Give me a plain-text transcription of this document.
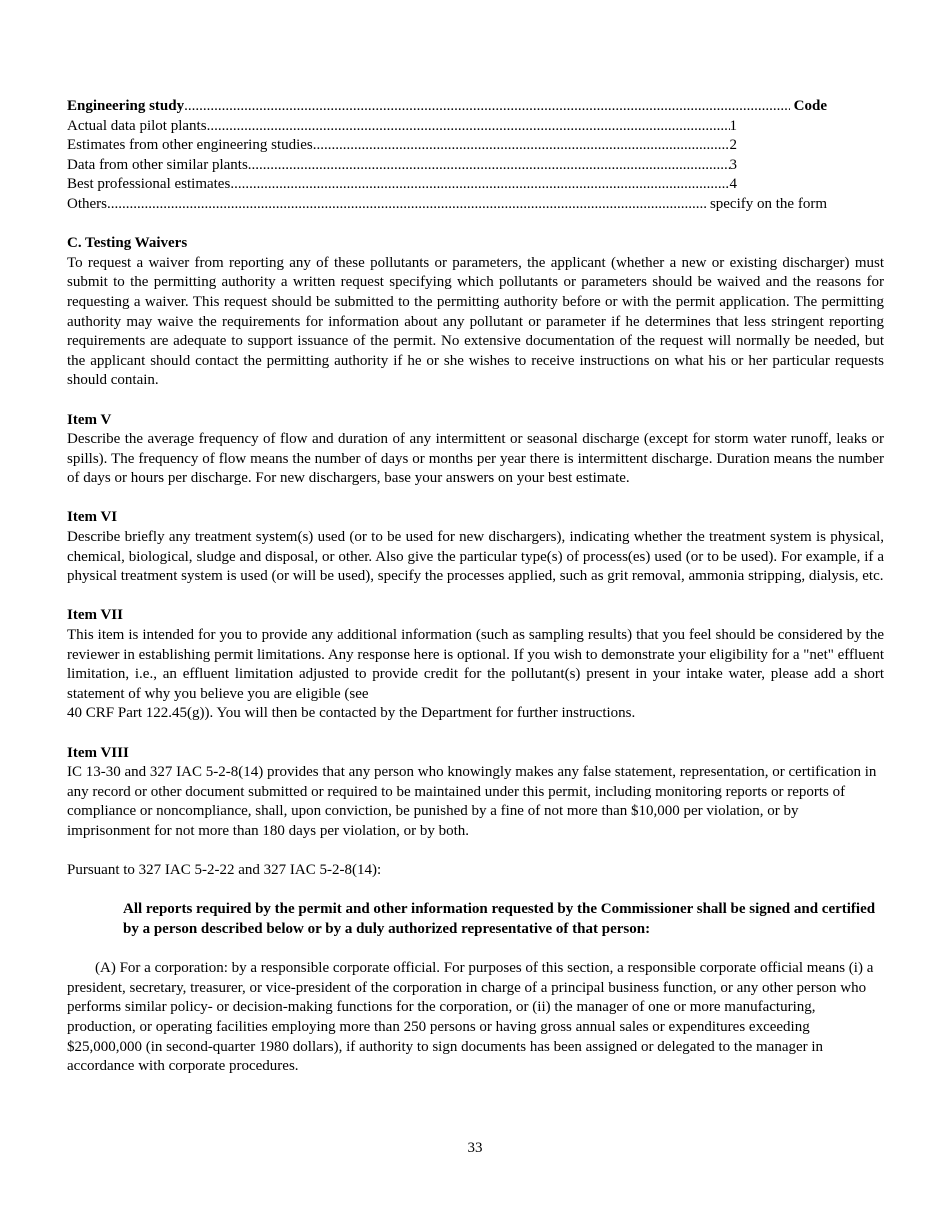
Engineering study .....	Code
Actual data pilot plants .....	1
Estimates from other engineering studies .....	2
Data from other similar plants .....	3
Best professional estimates .....	4
Others .....	specify on the form
C. Testing Waivers

To request a waiver from reporting any of these pollutants or parameters, the applicant (whether a new or existing discharger) must submit to the permitting authority a written request specifying which pollutants or parameters should be waived and the reasons for requesting a waiver. This request should be submitted to the permitting authority before or with the permit application. The permitting authority may waive the requirements for information about any pollutant or parameter if he determines that less stringent reporting requirements are adequate to support issuance of the permit. No extensive documentation of the request will normally be needed, but the applicant should contact the permitting authority if he or she wishes to receive instructions on what his or her particular requests should contain.

Item V

Describe the average frequency of flow and duration of any intermittent or seasonal discharge (except for storm water runoff, leaks or spills). The frequency of flow means the number of days or months per year there is intermittent discharge. Duration means the number of days or hours per discharge. For new dischargers, base your answers on your best estimate.

Item VI

Describe briefly any treatment system(s) used (or to be used for new dischargers), indicating whether the treatment system is physical, chemical, biological, sludge and disposal, or other. Also give the particular type(s) of process(es) used (or to be used). For example, if a physical treatment system is used (or will be used), specify the processes applied, such as grit removal, ammonia stripping, dialysis, etc.

Item VII

This item is intended for you to provide any additional information (such as sampling results) that you feel should be considered by the reviewer in establishing permit limitations. Any response here is optional. If you wish to demonstrate your eligibility for a "net" effluent limitation, i.e., an effluent limitation adjusted to provide credit for the pollutant(s) present in your intake water, please add a short statement of why you believe you are eligible (see

40 CRF Part 122.45(g)). You will then be contacted by the Department for further instructions.

Item VIII

IC 13-30 and 327 IAC 5-2-8(14) provides that any person who knowingly makes any false statement, representation, or certification in any record or other document submitted or required to be maintained under this permit, including monitoring reports or reports of compliance or noncompliance, shall, upon conviction, be punished by a fine of not more than $10,000 per violation, or by imprisonment for not more than 180 days per violation, or by both.

Pursuant to 327 IAC 5-2-22 and 327 IAC 5-2-8(14):

All reports required by the permit and other information requested by the Commissioner shall be signed and certified by a person described below or by a duly authorized representative of that person:

(A) For a corporation: by a responsible corporate official. For purposes of this section, a responsible corporate official means (i) a president, secretary, treasurer, or vice-president of the corporation in charge of a principal business function, or any other person who performs similar policy- or decision-making functions for the corporation, or (ii) the manager of one or more manufacturing, production, or operating facilities employing more than 250 persons or having gross annual sales or expenditures exceeding $25,000,000 (in second-quarter 1980 dollars), if authority to sign documents has been assigned or delegated to the manager in accordance with corporate procedures.

33
